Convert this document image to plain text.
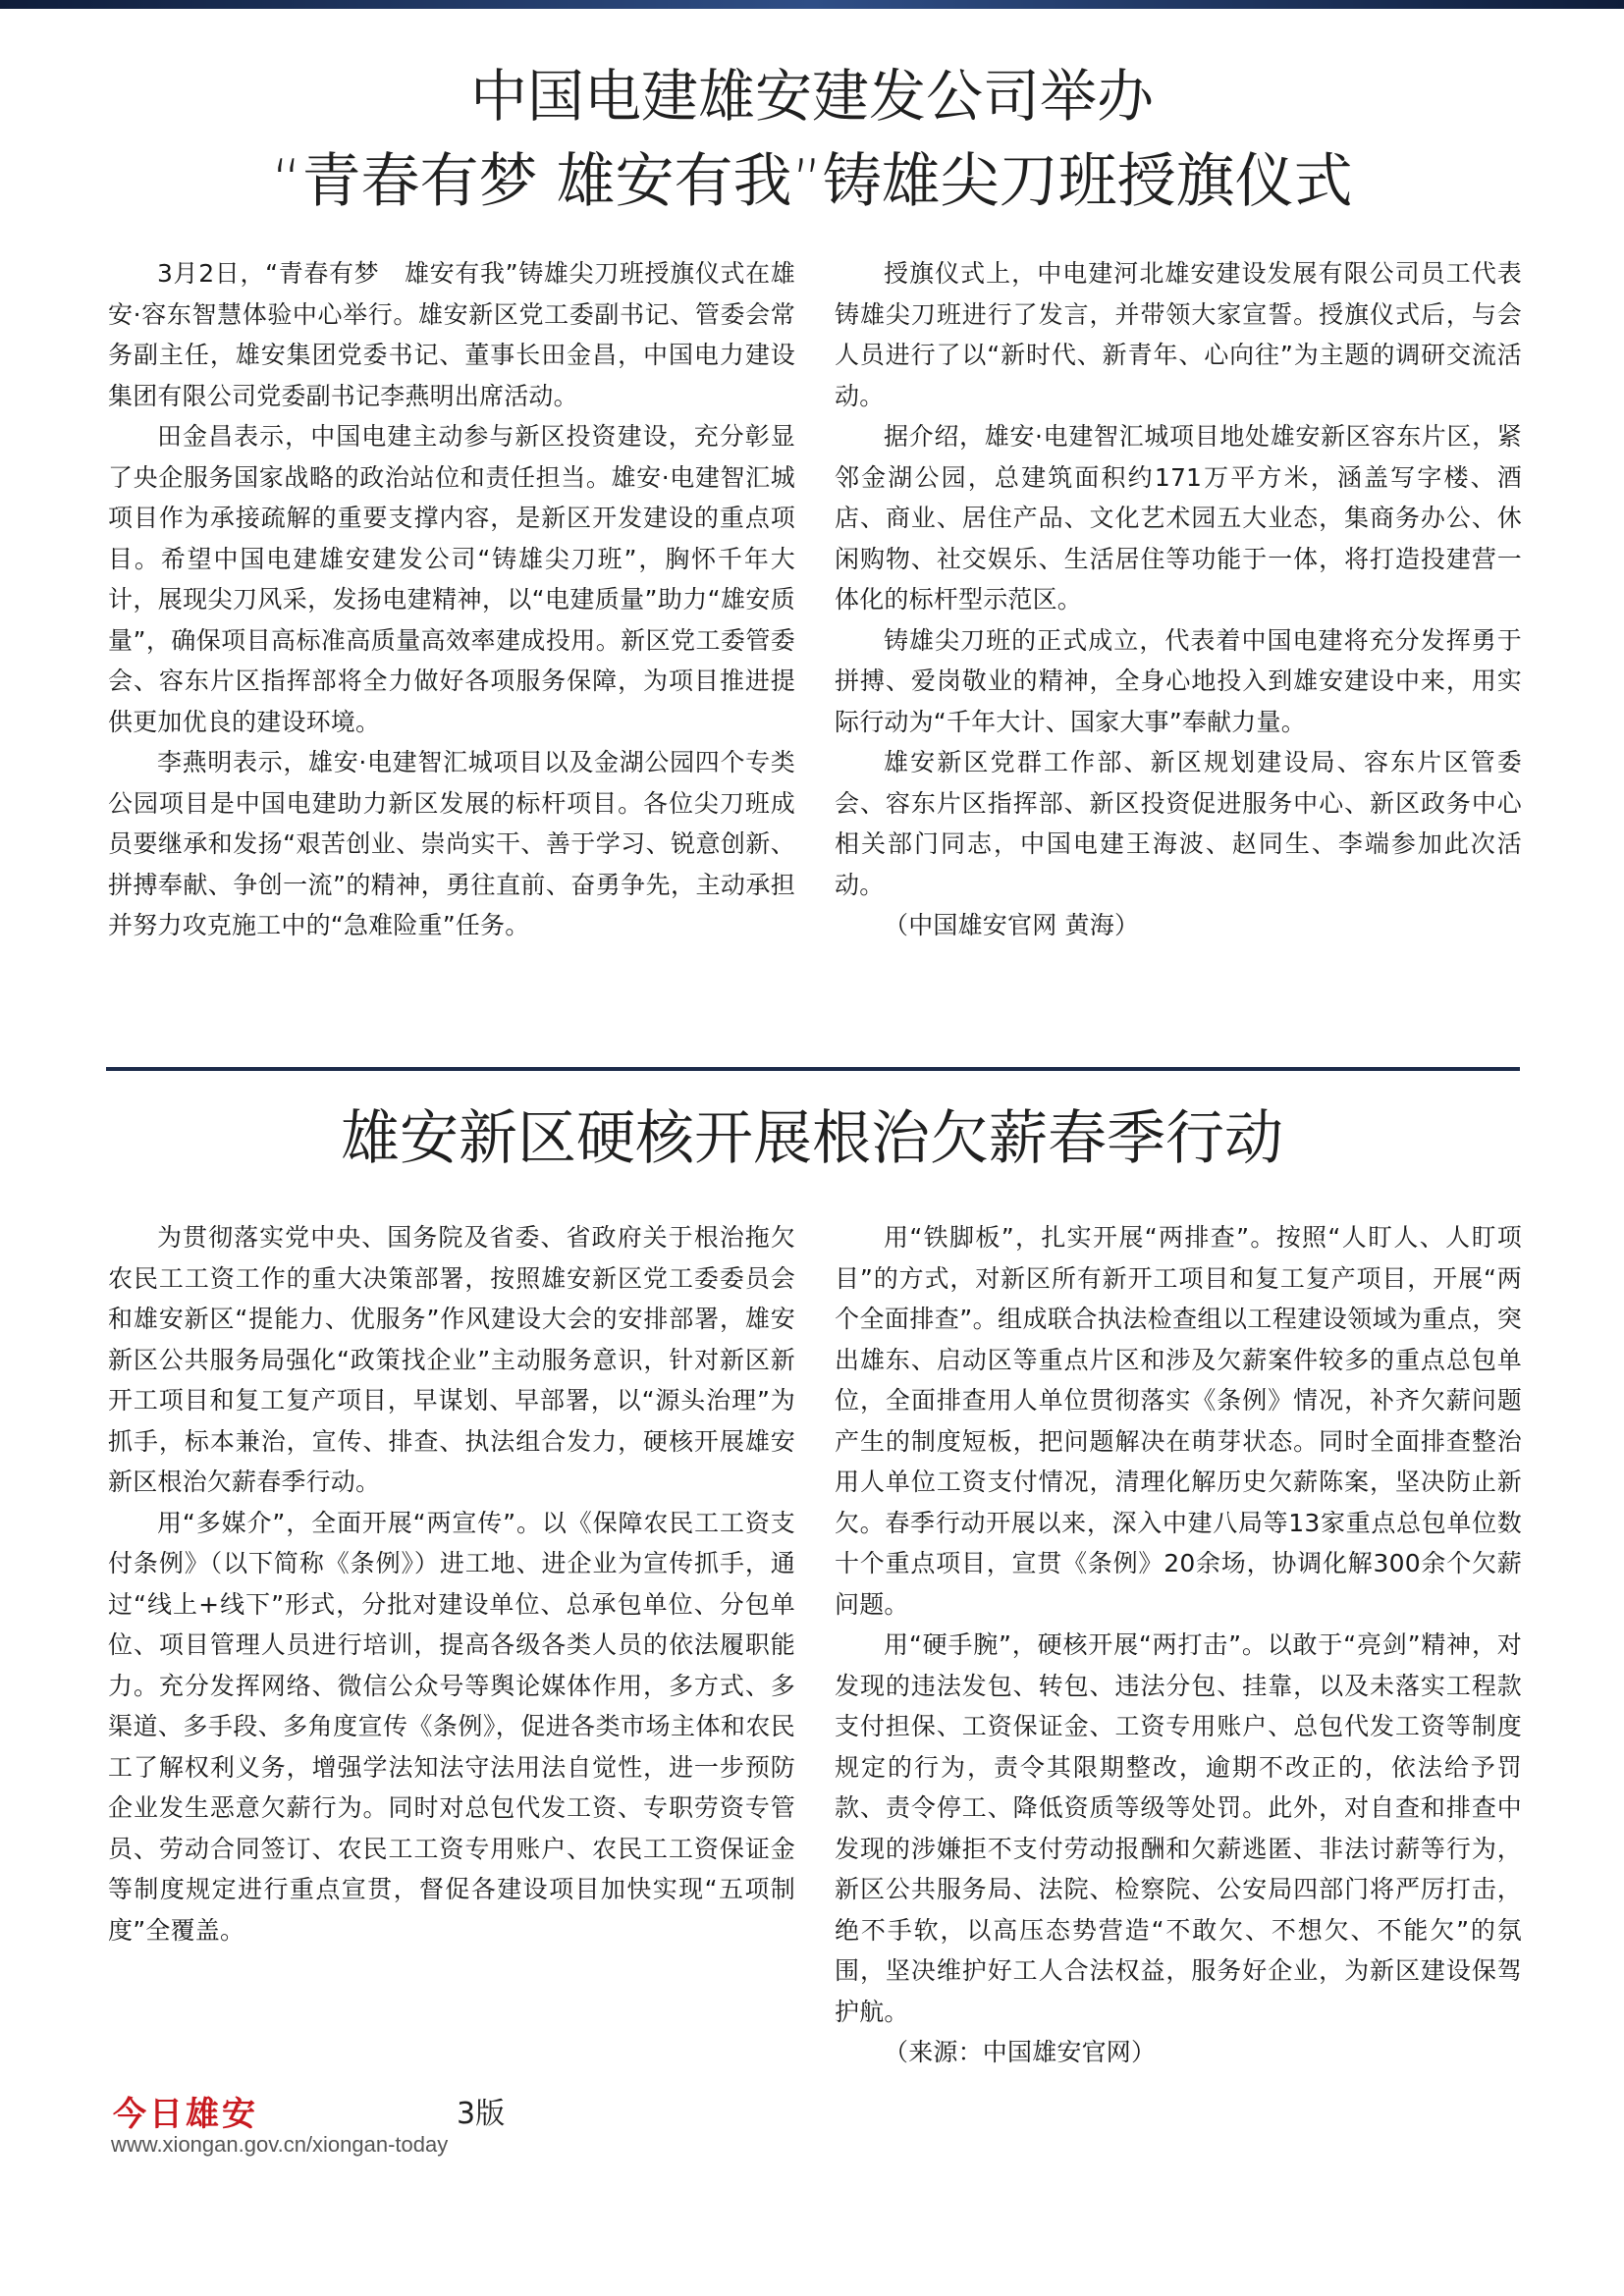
中国电建雄安建发公司举办
“青春有梦 雄安有我”铸雄尖刀班授旗仪式

3月2日，“青春有梦　雄安有我”铸雄尖刀班授旗仪式在雄安·容东智慧体验中心举行。雄安新区党工委副书记、管委会常务副主任，雄安集团党委书记、董事长田金昌，中国电力建设集团有限公司党委副书记李燕明出席活动。

田金昌表示，中国电建主动参与新区投资建设，充分彰显了央企服务国家战略的政治站位和责任担当。雄安·电建智汇城项目作为承接疏解的重要支撑内容，是新区开发建设的重点项目。希望中国电建雄安建发公司“铸雄尖刀班”，胸怀千年大计，展现尖刀风采，发扬电建精神，以“电建质量”助力“雄安质量”，确保项目高标准高质量高效率建成投用。新区党工委管委会、容东片区指挥部将全力做好各项服务保障，为项目推进提供更加优良的建设环境。

李燕明表示，雄安·电建智汇城项目以及金湖公园四个专类公园项目是中国电建助力新区发展的标杆项目。各位尖刀班成员要继承和发扬“艰苦创业、崇尚实干、善于学习、锐意创新、拼搏奉献、争创一流”的精神，勇往直前、奋勇争先，主动承担并努力攻克施工中的“急难险重”任务。

授旗仪式上，中电建河北雄安建设发展有限公司员工代表铸雄尖刀班进行了发言，并带领大家宣誓。授旗仪式后，与会人员进行了以“新时代、新青年、心向往”为主题的调研交流活动。

据介绍，雄安·电建智汇城项目地处雄安新区容东片区，紧邻金湖公园，总建筑面积约171万平方米，涵盖写字楼、酒店、商业、居住产品、文化艺术园五大业态，集商务办公、休闲购物、社交娱乐、生活居住等功能于一体，将打造投建营一体化的标杆型示范区。

铸雄尖刀班的正式成立，代表着中国电建将充分发挥勇于拼搏、爱岗敬业的精神，全身心地投入到雄安建设中来，用实际行动为“千年大计、国家大事”奉献力量。

雄安新区党群工作部、新区规划建设局、容东片区管委会、容东片区指挥部、新区投资促进服务中心、新区政务中心相关部门同志，中国电建王海波、赵同生、李端参加此次活动。

（中国雄安官网 黄海）

雄安新区硬核开展根治欠薪春季行动

为贯彻落实党中央、国务院及省委、省政府关于根治拖欠农民工工资工作的重大决策部署，按照雄安新区党工委委员会和雄安新区“提能力、优服务”作风建设大会的安排部署，雄安新区公共服务局强化“政策找企业”主动服务意识，针对新区新开工项目和复工复产项目，早谋划、早部署，以“源头治理”为抓手，标本兼治，宣传、排查、执法组合发力，硬核开展雄安新区根治欠薪春季行动。

用“多媒介”，全面开展“两宣传”。以《保障农民工工资支付条例》（以下简称《条例》）进工地、进企业为宣传抓手，通过“线上+线下”形式，分批对建设单位、总承包单位、分包单位、项目管理人员进行培训，提高各级各类人员的依法履职能力。充分发挥网络、微信公众号等舆论媒体作用，多方式、多渠道、多手段、多角度宣传《条例》，促进各类市场主体和农民工了解权利义务，增强学法知法守法用法自觉性，进一步预防企业发生恶意欠薪行为。同时对总包代发工资、专职劳资专管员、劳动合同签订、农民工工资专用账户、农民工工资保证金等制度规定进行重点宣贯，督促各建设项目加快实现“五项制度”全覆盖。

用“铁脚板”，扎实开展“两排查”。按照“人盯人、人盯项目”的方式，对新区所有新开工项目和复工复产项目，开展“两个全面排查”。组成联合执法检查组以工程建设领域为重点，突出雄东、启动区等重点片区和涉及欠薪案件较多的重点总包单位，全面排查用人单位贯彻落实《条例》情况，补齐欠薪问题产生的制度短板，把问题解决在萌芽状态。同时全面排查整治用人单位工资支付情况，清理化解历史欠薪陈案，坚决防止新欠。春季行动开展以来，深入中建八局等13家重点总包单位数十个重点项目，宣贯《条例》20余场，协调化解300余个欠薪问题。

用“硬手腕”，硬核开展“两打击”。以敢于“亮剑”精神，对发现的违法发包、转包、违法分包、挂靠，以及未落实工程款支付担保、工资保证金、工资专用账户、总包代发工资等制度规定的行为，责令其限期整改，逾期不改正的，依法给予罚款、责令停工、降低资质等级等处罚。此外，对自查和排查中发现的涉嫌拒不支付劳动报酬和欠薪逃匿、非法讨薪等行为，新区公共服务局、法院、检察院、公安局四部门将严厉打击，绝不手软，以高压态势营造“不敢欠、不想欠、不能欠”的氛围，坚决维护好工人合法权益，服务好企业，为新区建设保驾护航。

（来源：中国雄安官网）

今日雄安	3版
www.xiongan.gov.cn/xiongan-today
